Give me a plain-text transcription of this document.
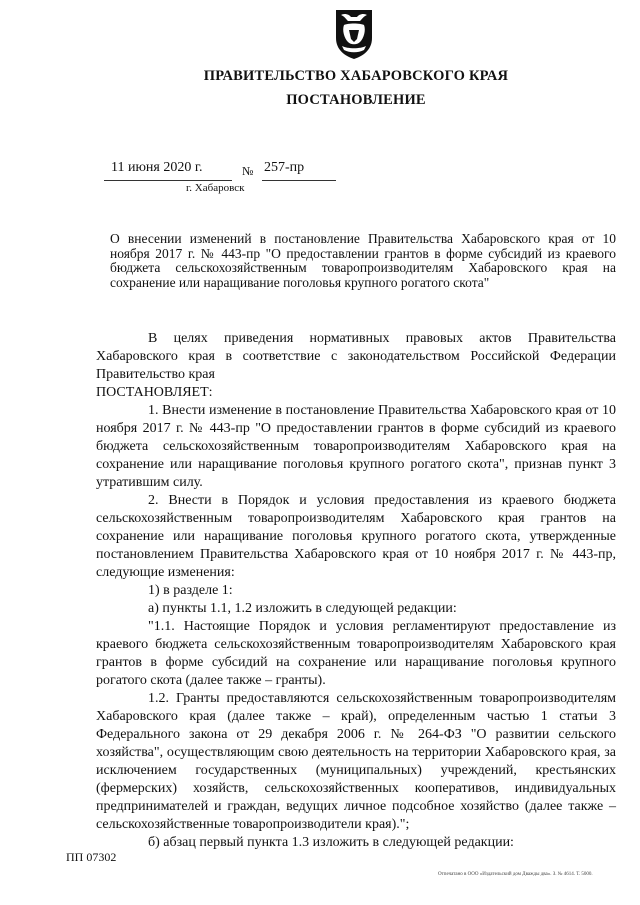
ПРАВИТЕЛЬСТВО ХАБАРОВСКОГО КРАЯ
ПОСТАНОВЛЕНИЕ
11 июня 2020 г.	№ 257-пр
г. Хабаровск
О внесении изменений в постановление Правительства Хабаровского края от 10 ноября 2017 г. № 443-пр "О предоставлении грантов в форме субсидий из краевого бюджета сельскохозяйственным товаропроизводителям Хабаровского края на сохранение или наращивание поголовья крупного рогатого скота"

В целях приведения нормативных правовых актов Правительства Хабаровского края в соответствие с законодательством Российской Федерации Правительство края

ПОСТАНОВЛЯЕТ:

1. Внести изменение в постановление Правительства Хабаровского края от 10 ноября 2017 г. № 443-пр "О предоставлении грантов в форме субсидий из краевого бюджета сельскохозяйственным товаропроизводителям Хабаровского края на сохранение или наращивание поголовья крупного рогатого скота", признав пункт 3 утратившим силу.

2. Внести в Порядок и условия предоставления из краевого бюджета сельскохозяйственным товаропроизводителям Хабаровского края грантов на сохранение или наращивание поголовья крупного рогатого скота, утвержденные постановлением Правительства Хабаровского края от 10 ноября 2017 г. № 443-пр, следующие изменения:

1) в разделе 1:

а) пункты 1.1, 1.2 изложить в следующей редакции:

"1.1. Настоящие Порядок и условия регламентируют предоставление из краевого бюджета сельскохозяйственным товаропроизводителям Хабаровского края грантов в форме субсидий на сохранение или наращивание поголовья крупного рогатого скота (далее также – гранты).

1.2. Гранты предоставляются сельскохозяйственным товаропроизводителям Хабаровского края (далее также – край), определенным частью 1 статьи 3 Федерального закона от 29 декабря 2006 г. № 264-ФЗ "О развитии сельского хозяйства", осуществляющим свою деятельность на территории Хабаровского края, за исключением государственных (муниципальных) учреждений, крестьянских (фермерских) хозяйств, сельскохозяйственных кооперативов, индивидуальных предпринимателей и граждан, ведущих личное подсобное хозяйство (далее также – сельскохозяйственные товаропроизводители края).";

б) абзац первый пункта 1.3 изложить в следующей редакции:

ПП 07302
Отпечатано в ООО «Издательский дом Дважды два». З. № 4614. Т. 5000.
